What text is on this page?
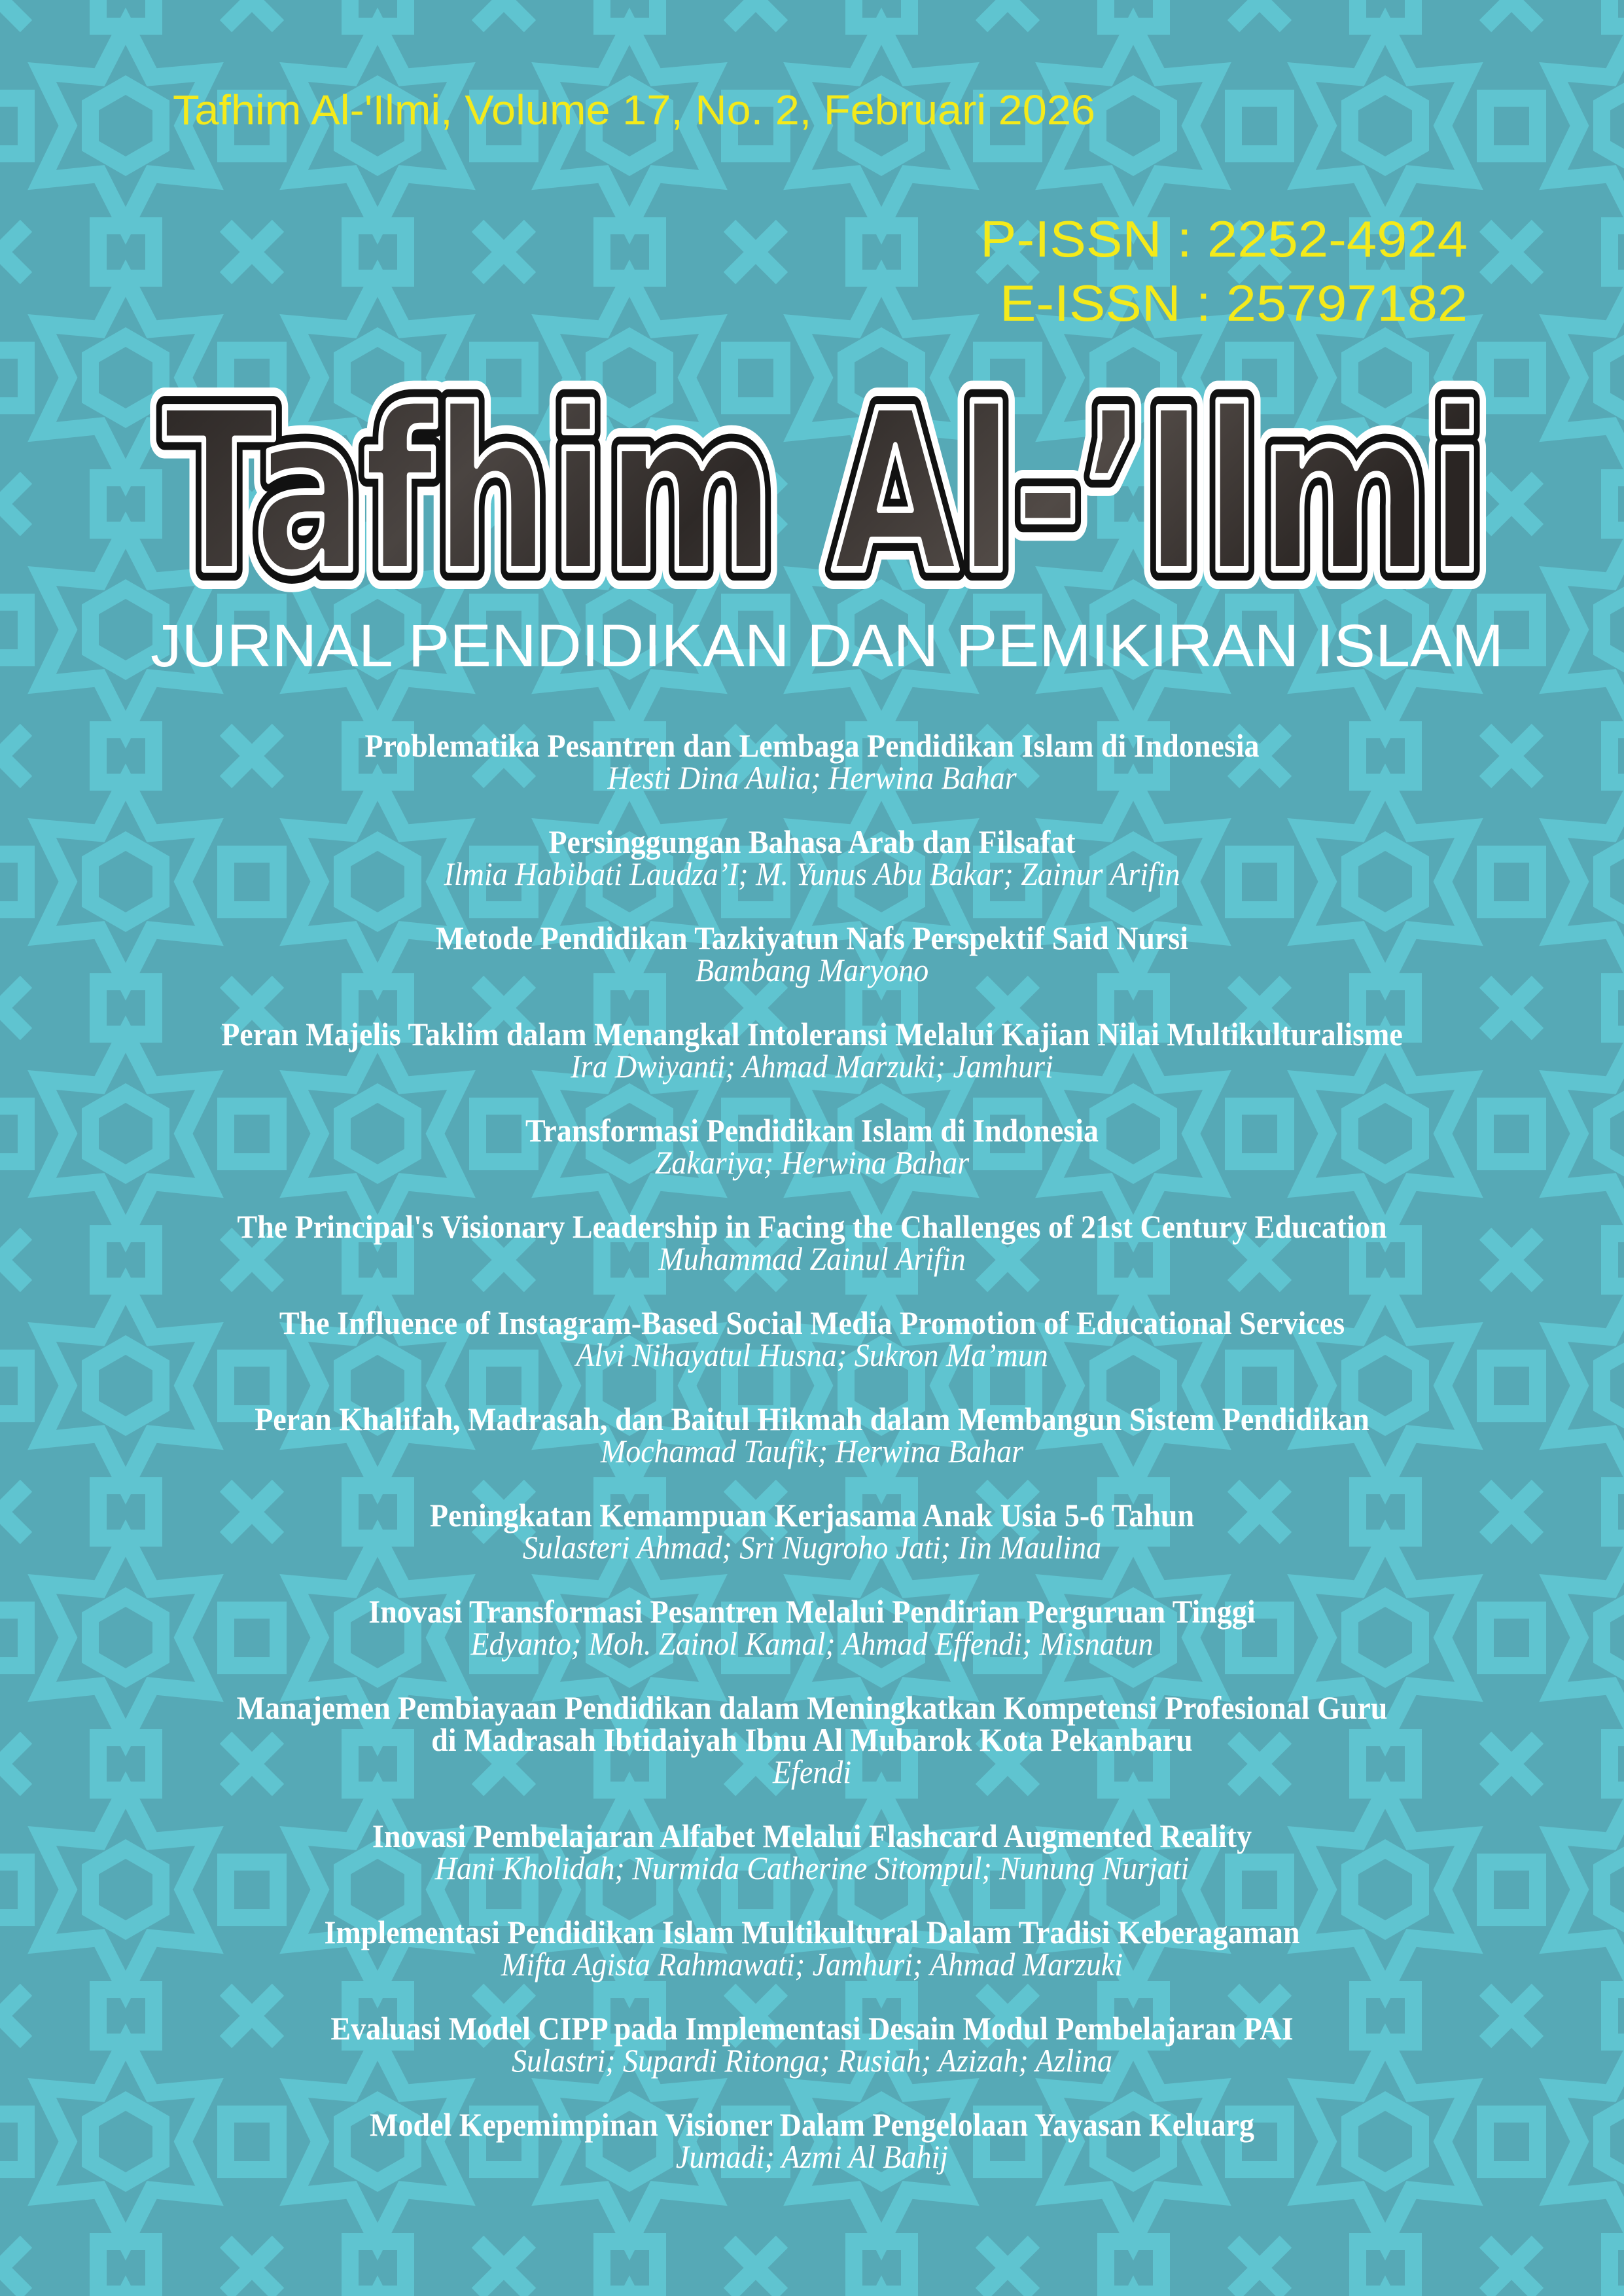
Tafhim Al-'Ilmi, Volume 17, No. 2, Februari 2026
P-ISSN : 2252-4924
E-ISSN : 25797182
Tafhim Al-’Ilmi
Tafhim Al-’Ilmi
Tafhim Al-’Ilmi
JURNAL PENDIDIKAN DAN PEMIKIRAN ISLAM
Problematika Pesantren dan Lembaga Pendidikan Islam di Indonesia
Hesti Dina Aulia; Herwina Bahar
Persinggungan Bahasa Arab dan Filsafat
Ilmia Habibati Laudza’I; M. Yunus Abu Bakar; Zainur Arifin
Metode Pendidikan Tazkiyatun Nafs Perspektif Said Nursi
Bambang Maryono
Peran Majelis Taklim dalam Menangkal Intoleransi Melalui Kajian Nilai Multikulturalisme
Ira Dwiyanti; Ahmad Marzuki; Jamhuri
Transformasi Pendidikan Islam di Indonesia
Zakariya; Herwina Bahar
The Principal's Visionary Leadership in Facing the Challenges of 21st Century Education
Muhammad Zainul Arifin
The Influence of Instagram-Based Social Media Promotion of Educational Services
Alvi Nihayatul Husna; Sukron Ma’mun
Peran Khalifah, Madrasah, dan Baitul Hikmah dalam Membangun Sistem Pendidikan
Mochamad Taufik; Herwina Bahar
Peningkatan Kemampuan Kerjasama Anak Usia 5-6 Tahun
Sulasteri Ahmad; Sri Nugroho Jati; Iin Maulina
Inovasi Transformasi Pesantren Melalui Pendirian Perguruan Tinggi
Edyanto; Moh. Zainol Kamal; Ahmad Effendi; Misnatun
Manajemen Pembiayaan Pendidikan dalam Meningkatkan Kompetensi Profesional Guru
di Madrasah Ibtidaiyah Ibnu Al Mubarok Kota Pekanbaru
Efendi
Inovasi Pembelajaran Alfabet Melalui Flashcard Augmented Reality
Hani Kholidah; Nurmida Catherine Sitompul; Nunung Nurjati
Implementasi Pendidikan Islam Multikultural Dalam Tradisi Keberagaman
Mifta Agista Rahmawati; Jamhuri; Ahmad Marzuki
Evaluasi Model CIPP pada Implementasi Desain Modul Pembelajaran PAI
Sulastri; Supardi Ritonga; Rusiah; Azizah; Azlina
Model Kepemimpinan Visioner Dalam Pengelolaan Yayasan Keluarg
Jumadi; Azmi Al Bahij
